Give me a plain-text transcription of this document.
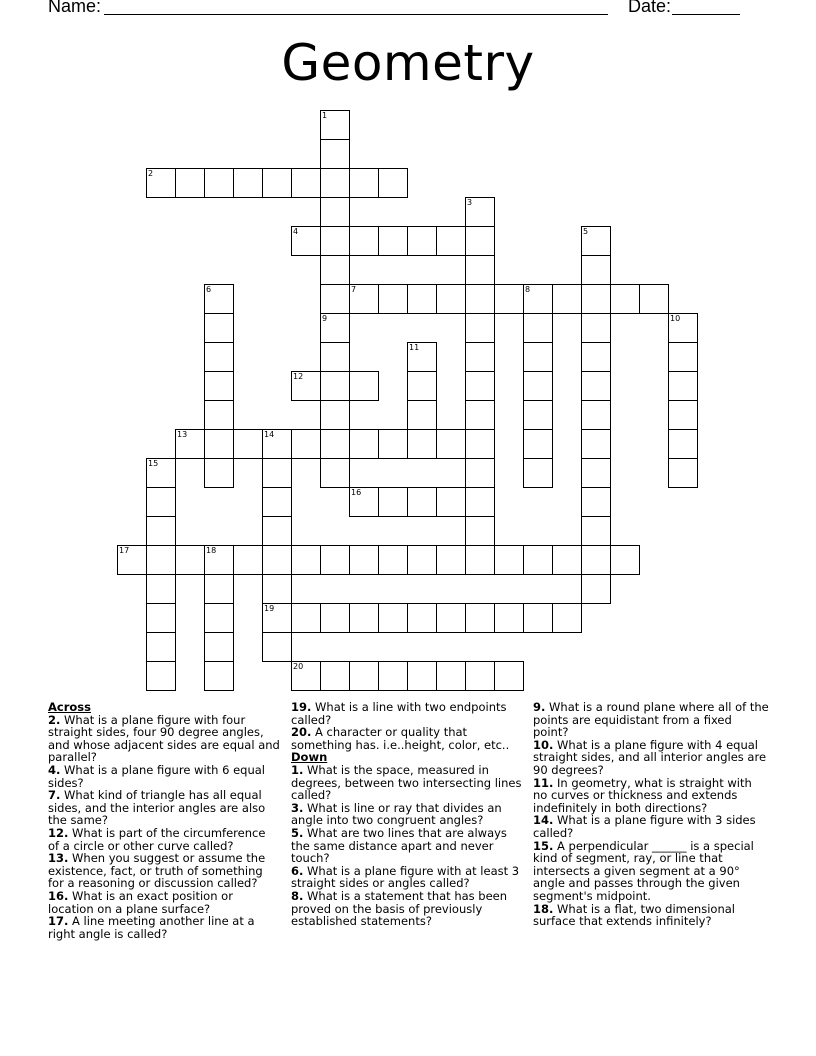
Name:	Date:
Geometry
2
4
7	8
12
13	14
16
17	18
19
20
1
9
3
5
6
10
11
15
Across
2. What is a plane figure with four straight sides, four 90 degree angles, and whose adjacent sides are equal and parallel?
4. What is a plane figure with 6 equal sides?
7. What kind of triangle has all equal sides, and the interior angles are also the same?
12. What is part of the circumference of a circle or other curve called?
13. When you suggest or assume the existence, fact, or truth of something for a reasoning or discussion called?
16. What is an exact position or location on a plane surface?
17. A line meeting another line at a right angle is called?
19. What is a line with two endpoints called?
20. A character or quality that something has. i.e..height, color, etc..
Down
1. What is the space, measured in degrees, between two intersecting lines called?
3. What is line or ray that divides an angle into two congruent angles?
5. What are two lines that are always the same distance apart and never touch?
6. What is a plane figure with at least 3 straight sides or angles called?
8. What is a statement that has been proved on the basis of previously established statements?
9. What is a round plane where all of the points are equidistant from a fixed point?
10. What is a plane figure with 4 equal straight sides, and all interior angles are 90 degrees?
11. In geometry, what is straight with no curves or thickness and extends indefinitely in both directions?
14. What is a plane figure with 3 sides called?
15. A perpendicular ______ is a special kind of segment, ray, or line that intersects a given segment at a 90° angle and passes through the given segment's midpoint.
18. What is a flat, two dimensional surface that extends infinitely?
